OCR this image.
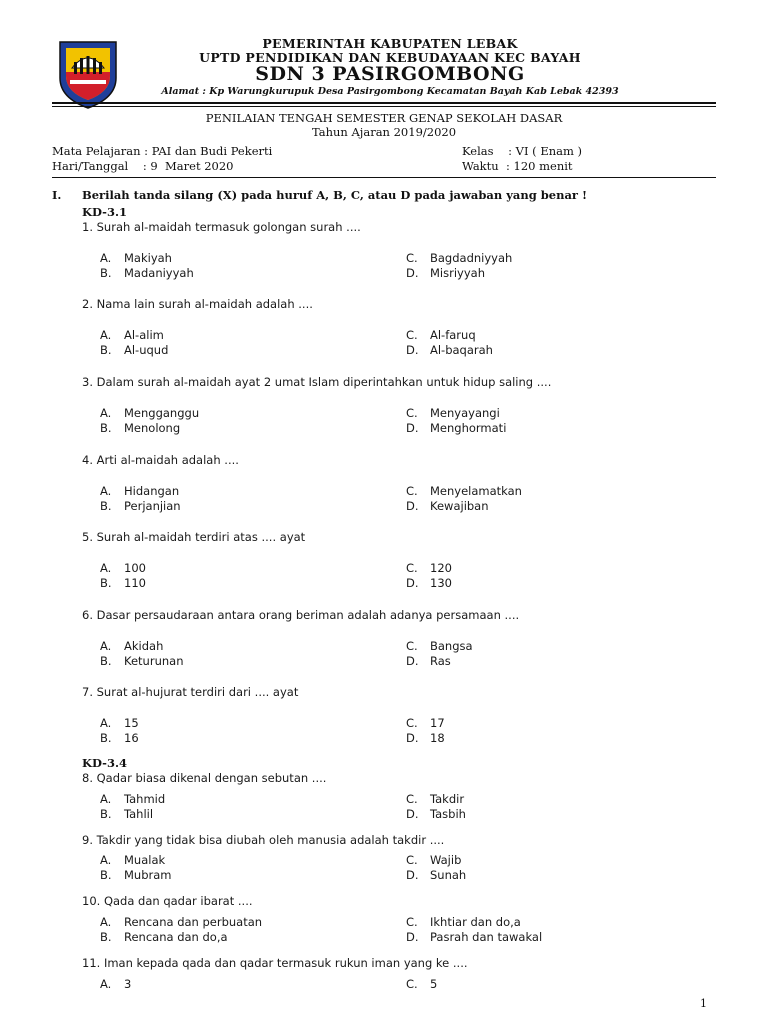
PEMERINTAH KABUPATEN LEBAK
UPTD PENDIDIKAN DAN KEBUDAYAAN KEC BAYAH
SDN 3 PASIRGOMBONG
Alamat : Kp Warungkurupuk Desa Pasirgombong Kecamatan Bayah Kab Lebak 42393
PENILAIAN TENGAH SEMESTER GENAP SEKOLAH DASAR
Tahun Ajaran 2019/2020
Mata Pelajaran : PAI dan Budi Pekerti
Hari/Tanggal    : 9  Maret 2020
Kelas    : VI ( Enam )
Waktu  : 120 menit
I. Berilah tanda silang (X) pada huruf A, B, C, atau D pada jawaban yang benar !
KD-3.1
KD-3.4
1. Surah al-maidah termasuk golongan surah ....
A. Makiyah	C. Bagdadniyyah
B. Madaniyyah	D. Misriyyah
2. Nama lain surah al-maidah adalah ....
A. Al-alim	C. Al-faruq
B. Al-uqud	D. Al-baqarah
3. Dalam surah al-maidah ayat 2 umat Islam diperintahkan untuk hidup saling ....
A. Mengganggu	C. Menyayangi
B. Menolong	D. Menghormati
4. Arti al-maidah adalah ....
A. Hidangan	C. Menyelamatkan
B. Perjanjian	D. Kewajiban
5. Surah al-maidah terdiri atas .... ayat
A. 100	C. 120
B. 110	D. 130
6. Dasar persaudaraan antara orang beriman adalah adanya persamaan ....
A. Akidah	C. Bangsa
B. Keturunan	D. Ras
7. Surat al-hujurat terdiri dari .... ayat
A. 15	C. 17
B. 16	D. 18
8. Qadar biasa dikenal dengan sebutan ....
A. Tahmid	C. Takdir
B. Tahlil	D. Tasbih
9. Takdir yang tidak bisa diubah oleh manusia adalah takdir ....
A. Mualak	C. Wajib
B. Mubram	D. Sunah
10. Qada dan qadar ibarat ....
A. Rencana dan perbuatan	C. Ikhtiar dan do,a
B. Rencana dan do,a	D. Pasrah dan tawakal
11. Iman kepada qada dan qadar termasuk rukun iman yang ke ....
A. 3	C. 5
1
